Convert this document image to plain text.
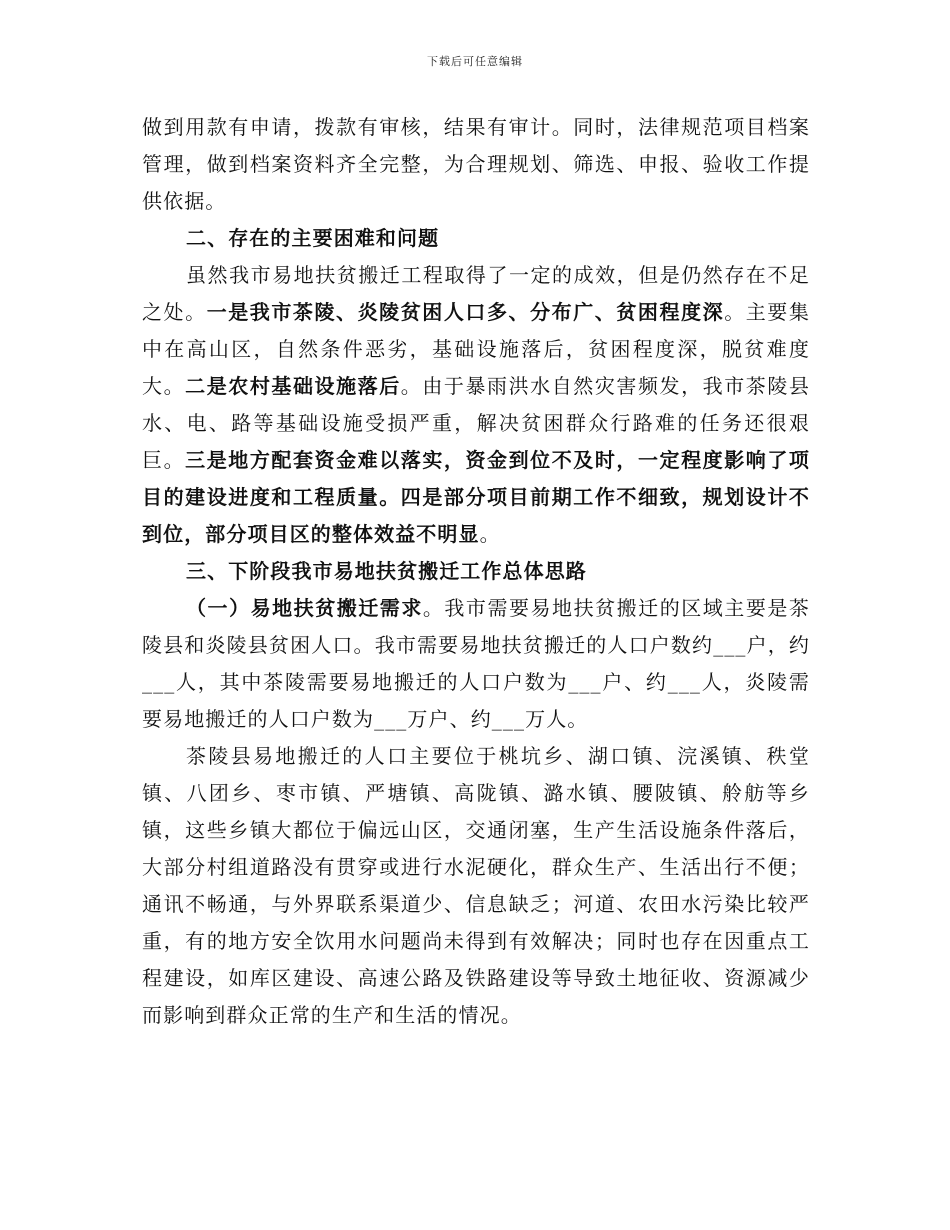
下载后可任意编辑

做到用款有申请，拨款有审核，结果有审计。同时，法律规范项目档案管理，做到档案资料齐全完整，为合理规划、筛选、申报、验收工作提供依据。

二、存在的主要困难和问题

虽然我市易地扶贫搬迁工程取得了一定的成效，但是仍然存在不足之处。一是我市茶陵、炎陵贫困人口多、分布广、贫困程度深。主要集中在高山区，自然条件恶劣，基础设施落后，贫困程度深，脱贫难度大。二是农村基础设施落后。由于暴雨洪水自然灾害频发，我市茶陵县水、电、路等基础设施受损严重，解决贫困群众行路难的任务还很艰巨。三是地方配套资金难以落实，资金到位不及时，一定程度影响了项目的建设进度和工程质量。四是部分项目前期工作不细致，规划设计不到位，部分项目区的整体效益不明显。

三、下阶段我市易地扶贫搬迁工作总体思路

（一）易地扶贫搬迁需求。我市需要易地扶贫搬迁的区域主要是茶陵县和炎陵县贫困人口。我市需要易地扶贫搬迁的人口户数约___户，约___人，其中茶陵需要易地搬迁的人口户数为___户、约___人，炎陵需要易地搬迁的人口户数为___万户、约___万人。

茶陵县易地搬迁的人口主要位于桃坑乡、湖口镇、浣溪镇、秩堂镇、八团乡、枣市镇、严塘镇、高陇镇、潞水镇、腰陂镇、舲舫等乡镇，这些乡镇大都位于偏远山区，交通闭塞，生产生活设施条件落后，大部分村组道路没有贯穿或进行水泥硬化，群众生产、生活出行不便；通讯不畅通，与外界联系渠道少、信息缺乏；河道、农田水污染比较严重，有的地方安全饮用水问题尚未得到有效解决；同时也存在因重点工程建设，如库区建设、高速公路及铁路建设等导致土地征收、资源减少而影响到群众正常的生产和生活的情况。
